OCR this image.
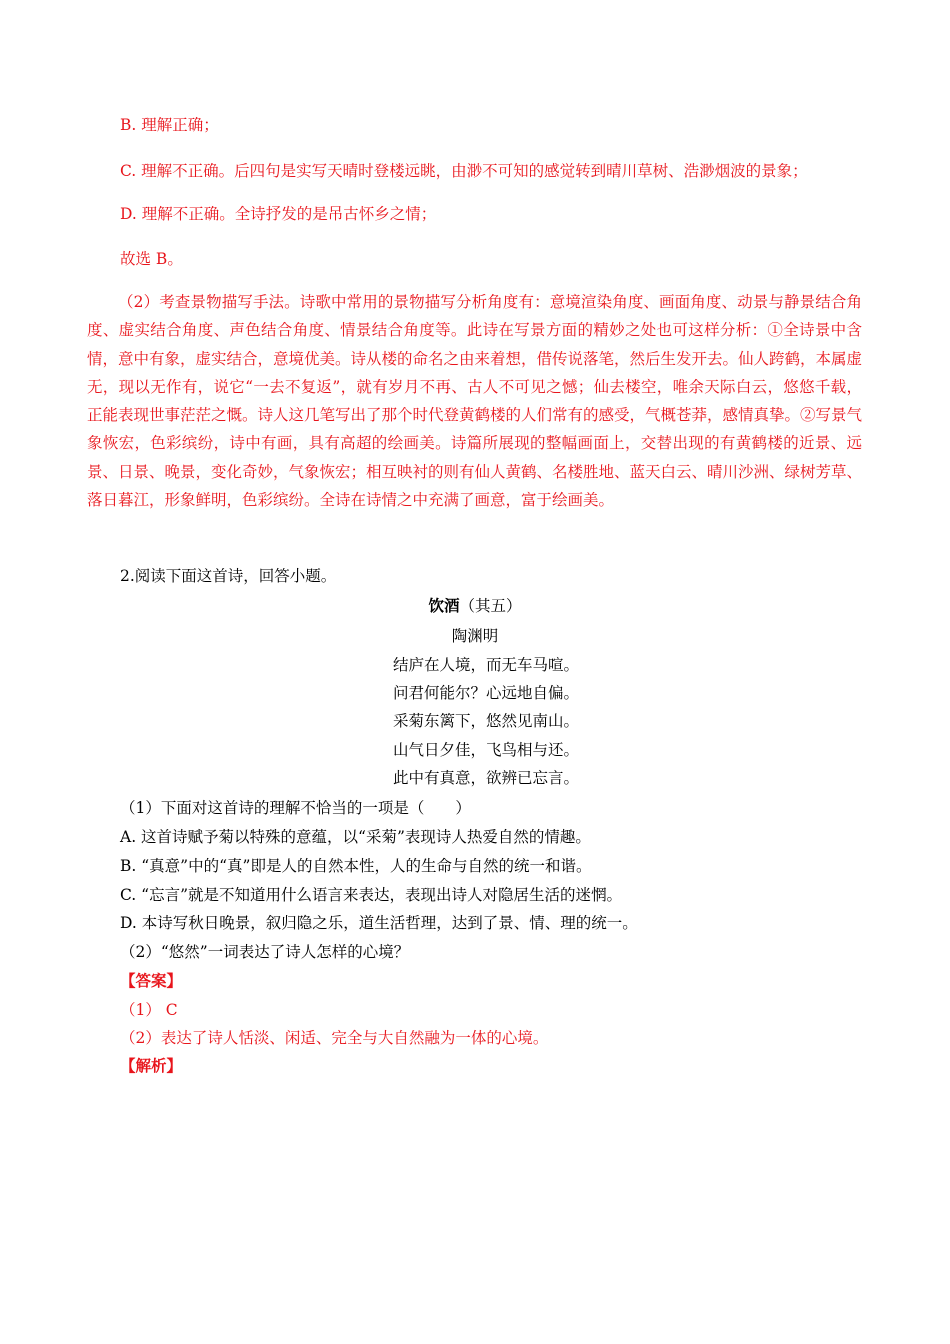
B. 理解正确；
C. 理解不正确。后四句是实写天晴时登楼远眺，由渺不可知的感觉转到晴川草树、浩渺烟波的景象；
D. 理解不正确。全诗抒发的是吊古怀乡之情；
故选 B。

（2）考查景物描写手法。诗歌中常用的景物描写分析角度有：意境渲染角度、画面角度、动景与静景结合角度、虚实结合角度、声色结合角度、情景结合角度等。此诗在写景方面的精妙之处也可这样分析：①全诗景中含情，意中有象，虚实结合，意境优美。诗从楼的命名之由来着想，借传说落笔，然后生发开去。仙人跨鹤，本属虚无，现以无作有，说它“一去不复返”，就有岁月不再、古人不可见之憾；仙去楼空，唯余天际白云，悠悠千载，正能表现世事茫茫之慨。诗人这几笔写出了那个时代登黄鹤楼的人们常有的感受，气概苍莽，感情真挚。②写景气象恢宏，色彩缤纷，诗中有画，具有高超的绘画美。诗篇所展现的整幅画面上，交替出现的有黄鹤楼的近景、远景、日景、晚景，变化奇妙，气象恢宏；相互映衬的则有仙人黄鹤、名楼胜地、蓝天白云、晴川沙洲、绿树芳草、落日暮江，形象鲜明，色彩缤纷。全诗在诗情之中充满了画意，富于绘画美。

2.阅读下面这首诗，回答小题。
饮酒（其五）
陶渊明
结庐在人境，而无车马喧。
问君何能尔？心远地自偏。
采菊东篱下，悠然见南山。
山气日夕佳，飞鸟相与还。
此中有真意，欲辨已忘言。
（1）下面对这首诗的理解不恰当的一项是（　　）
A. 这首诗赋予菊以特殊的意蕴，以“采菊”表现诗人热爱自然的情趣。
B. “真意”中的“真”即是人的自然本性，人的生命与自然的统一和谐。
C. “忘言”就是不知道用什么语言来表达，表现出诗人对隐居生活的迷惘。
D. 本诗写秋日晚景，叙归隐之乐，道生活哲理，达到了景、情、理的统一。
（2）“悠然”一词表达了诗人怎样的心境？
【答案】
（1） C
（2）表达了诗人恬淡、闲适、完全与大自然融为一体的心境。
【解析】
